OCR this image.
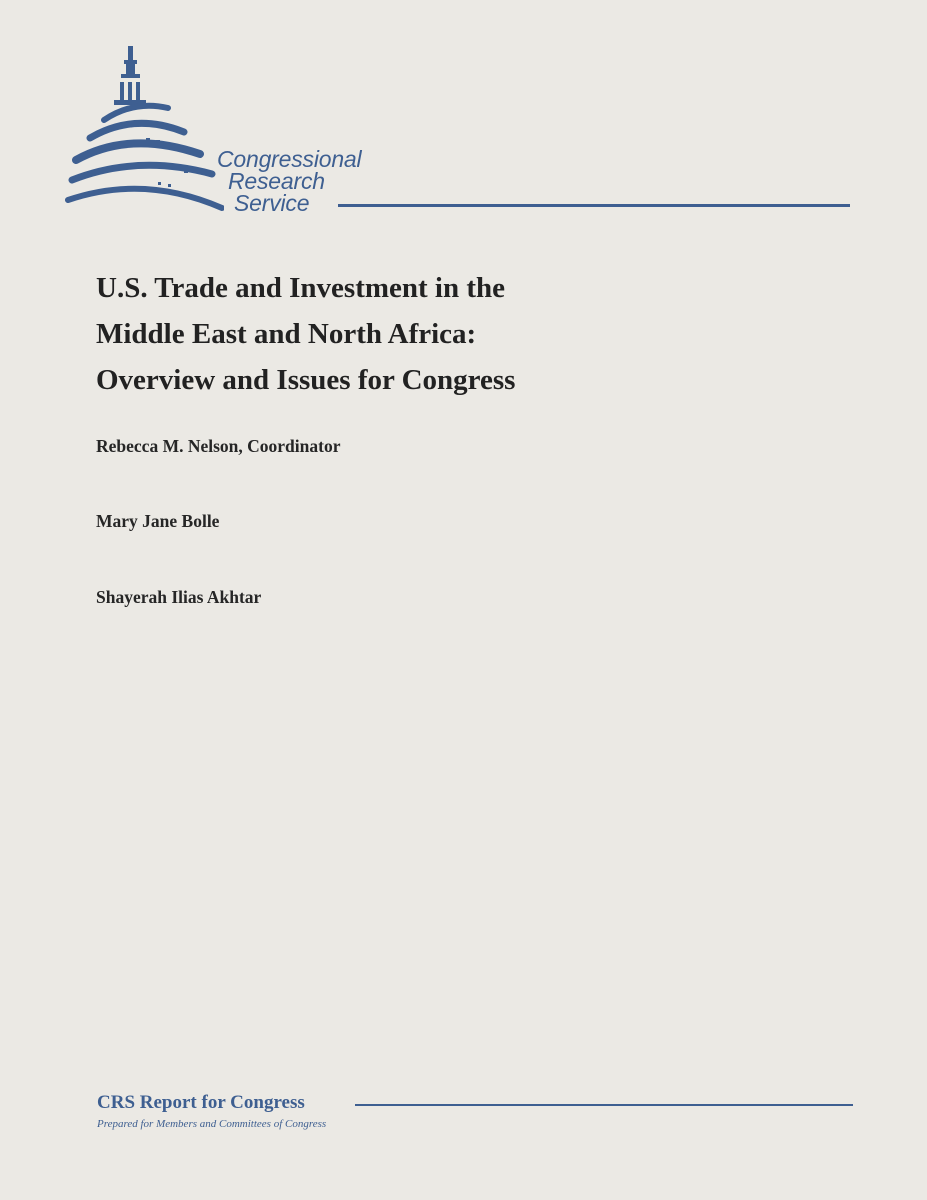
Congressional
Research
Service
U.S. Trade and Investment in the
Middle East and North Africa:
Overview and Issues for Congress

Rebecca M. Nelson, Coordinator

Mary Jane Bolle

Shayerah Ilias Akhtar

CRS Report for Congress

Prepared for Members and Committees of Congress
